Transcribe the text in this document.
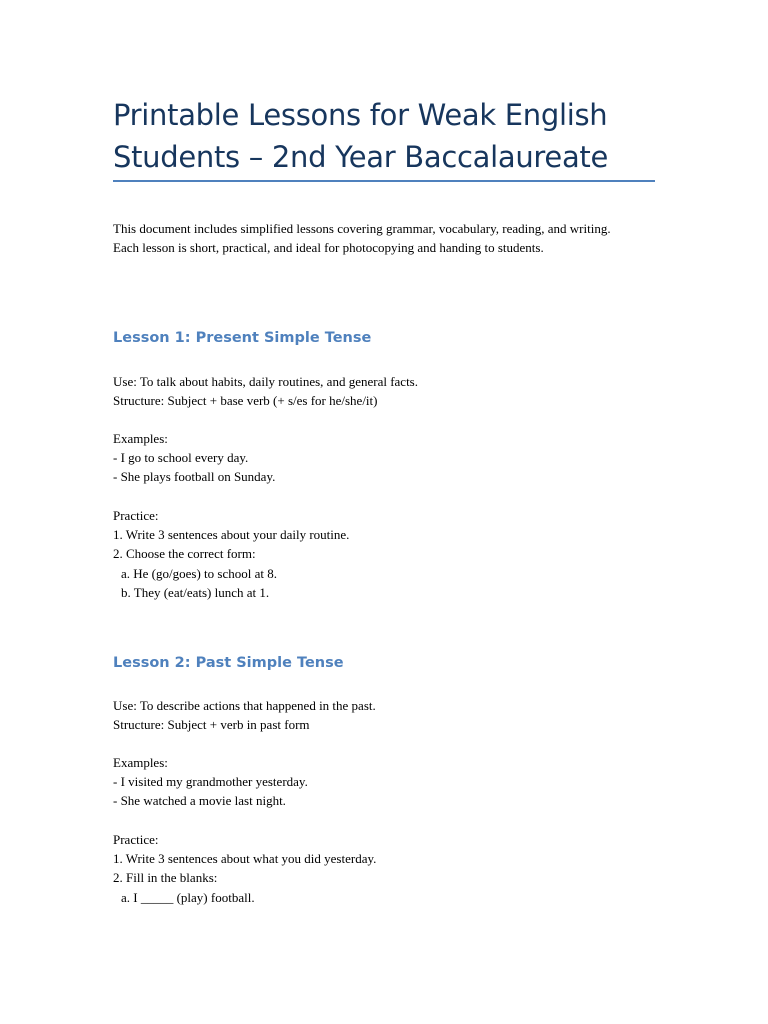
Printable Lessons for Weak English
Students – 2nd Year Baccalaureate
This document includes simplified lessons covering grammar, vocabulary, reading, and writing.
Each lesson is short, practical, and ideal for photocopying and handing to students.
Lesson 1: Present Simple Tense
Use: To talk about habits, daily routines, and general facts.
Structure: Subject + base verb (+ s/es for he/she/it)
Examples:
- I go to school every day.
- She plays football on Sunday.
Practice:
1. Write 3 sentences about your daily routine.
2. Choose the correct form:
a. He (go/goes) to school at 8.
b. They (eat/eats) lunch at 1.
Lesson 2: Past Simple Tense
Use: To describe actions that happened in the past.
Structure: Subject + verb in past form
Examples:
- I visited my grandmother yesterday.
- She watched a movie last night.
Practice:
1. Write 3 sentences about what you did yesterday.
2. Fill in the blanks:
a. I _____ (play) football.
